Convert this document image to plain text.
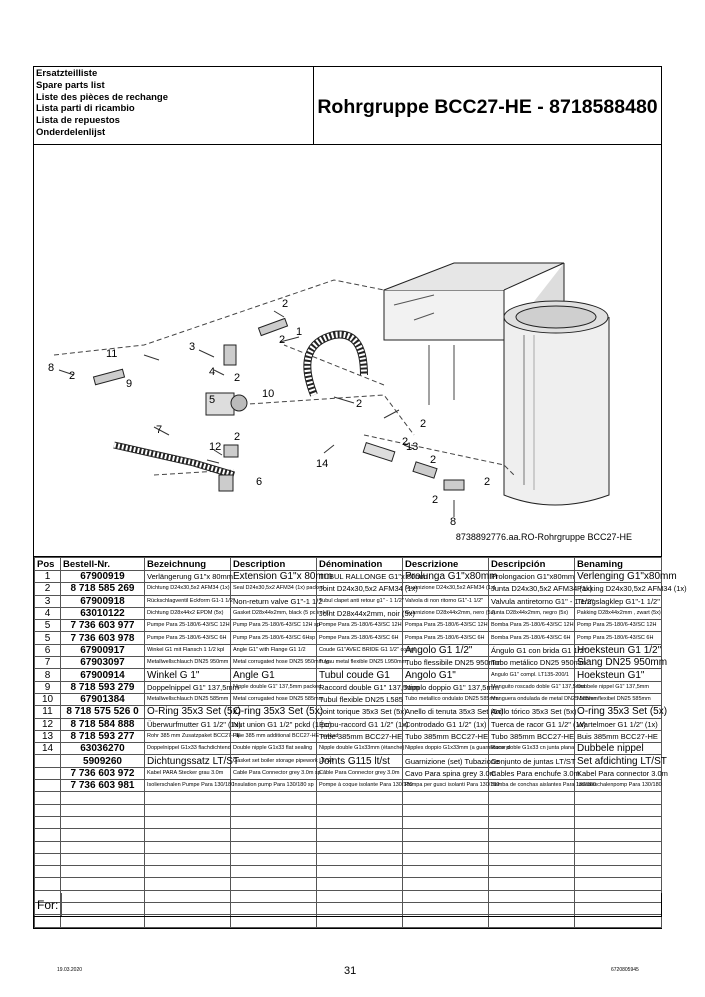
Ersatzteilliste
Spare parts list
Liste des pièces de rechange
Lista parti di ricambio
Lista de repuestos
Onderdelenlijst
Rohrgruppe BCC27-HE - 8718588480
1
2
2
2	2
2
2
2
2
2
2
2
3
4
5
6
7
8
8
9
10
11
12	13
14
8738892776.aa.RO-Rohrgruppe BCC27-HE
Pos	Bestell-Nr.	Bezeichnung	Description	Dénomination	Descrizione	Descripción	Benaming
1	67900919	Verlängerung G1"x 80mm	Extension G1"x 80mm	TUBUL RALLONGE G1"x 80mm	Prolunga G1"x80mm	Prolongacion G1"x80mm	Verlenging G1"x80mm
2	8 718 585 269	Dichtung D24x30,5x2 AFM34 (1x)	Seal D24x30,5x2 AFM34 (1x) packed	Joint D24x30,5x2 AFM34 (1x)	Guarnizione D24x30,5x2 AFM34 (1x)	Junta D24x30,5x2 AFM34 (1x)	Pakking D24x30,5x2 AFM34 (1x)
3	67900918	Rückschlagventil Eckform G1-1 1/2"	Non-return valve G1"-1 1/2	Tubul clapet anti retour g1" - 1 1/2"	Valvola di non ritorno G1"-1 1/2"	Valvula antiretorno G1" - 1 1/2"	Terugslagklep G1"-1 1/2"
4	63010122	Dichtung D28x44x2 EPDM (5x)	Gasket D28x44x2mm, black (5 pc in kit)	Joint D28x44x2mm, noir (5x)	Guarnizione D28x44x2mm, nero (5x)	Junta D28x44x2mm, negro (5x)	Pakking D28x44x2mm , zwart (5x)
5	7 736 603 977	Pumpe Para 25-180/6-43/SC 12H	Pump Para 25-180/6-43/SC 12H sp	Pompe Para 25-180/6-43/SC 12H	Pompa Para 25-180/6-43/SC 12H	Bomba Para 25-180/6-43/SC 12H	Pomp Para 25-180/6-43/SC 12H
5	7 736 603 978	Pumpe Para 25-180/6-43/SC 6H	Pump Para 25-180/6-43/SC 6Hsp	Pompe Para 25-180/6-43/SC 6H	Pompa Para 25-180/6-43/SC 6H	Bomba Para 25-180/6-43/SC 6H	Pomp Para 25-180/6-43/SC 6H
6	67900917	Winkel G1 mit Flansch 1 1/2 kpl	Angle G1" with Flange G1 1/2	Coude G1"AVEC BRIDE G1 1/2" compl.	Angolo G1 1/2"	Ángulo G1 con brida G1 1/2"	Hoeksteun G1 1/2"
7	67903097	Metallwellschlauch DN25 950mm	Metal corrugated hose DN25 950mm Ig	Tuyau metal flexible DN25 L950mm	Tubo flessibile DN25 950mm	Tubo metálico DN25 950mm	Slang DN25 950mm
8	67900914	Winkel G 1"	Angle G1	Tubul coude G1	Angolo G1"	Angulo G1" compl. LT135-200/1	Hoeksteun G1"
9	8 718 593 279	Doppelnippel G1" 137,5mm	Nipple double G1" 137,5mm packed	Raccord double G1" 137,5mm	Nipplo doppio G1" 137,5mm	Manguito roscado doble G1" 137,5mm	Dubbele nippel G1" 137,5mm
10	67901384	Metallwellschlauch DN25 585mm	Metal corrugated hose DN25 585mm	Tubul flexible DN25 L585	Tubo metallico ondulato DN25 585mm	Manguera ondulada de metal DN25 585mm	Metalen flexibel DN25 585mm
11	8 718 575 526 0	O-Ring 35x3 Set (5x)	O-ring 35x3 Set (5x)	Joint torique 35x3 Set (5x)	Anello di tenuta 35x3 Set (5x)	Anillo tórico 35x3 Set (5x)	O-ring 35x3 Set (5x)
12	8 718 584 888	Überwurfmutter G1 1/2" (1x)	Nut union G1 1/2" pckd (1 pc)	Écrou-raccord G1 1/2" (1x)	Controdado G1 1/2" (1x)	Tuerca de racor G1 1/2" (1x)	Wartelmoer G1 1/2" (1x)
13	8 718 593 277	Rohr 385 mm Zusatzpaket BCC27-HE	Pipe 385 mm additional BCC27-HE packed	Tube 385mm BCC27-HE	Tubo 385mm BCC27-HE	Tubo 385mm BCC27-HE	Buis 385mm BCC27-HE
14	63036270	Doppelnippel G1x33 flachdichtend	Double nipple G1x33 flat sealing	Nipple double G1x33mm (étanche)	Nipples doppio G1x33mm (a guarnizione pi	Racor doble G1x33 cn junta plana	Dubbele nippel
	5909260	Dichtungssatz LT/ST	Gasket set boiler storage pipework LT/ST	Joints G115 lt/st	Guarnizione (set) Tubazione	Conjunto de juntas LT/ST	Set afdichting LT/ST
	7 736 603 972	Kabel PARA Stecker grau 3.0m	Cable Para Connector grey 3.0m sp	Câble Para Connector grey 3.0m	Cavo Para spina grey 3.0m	Cables Para enchufe 3.0m	Kabel Para connector 3.0m
	7 736 603 981	Isolierschalen Pumpe Para 130/180	Insulation pump Para 130/180 sp	Pompe à coque isolante Para 130/180	Pompa per gusci isolanti Para 130/180	Bomba de conchas aislantes Para 130/180	Isolatieschalenpomp Para 130/180

For:
19.03.2020	31	6720805945
